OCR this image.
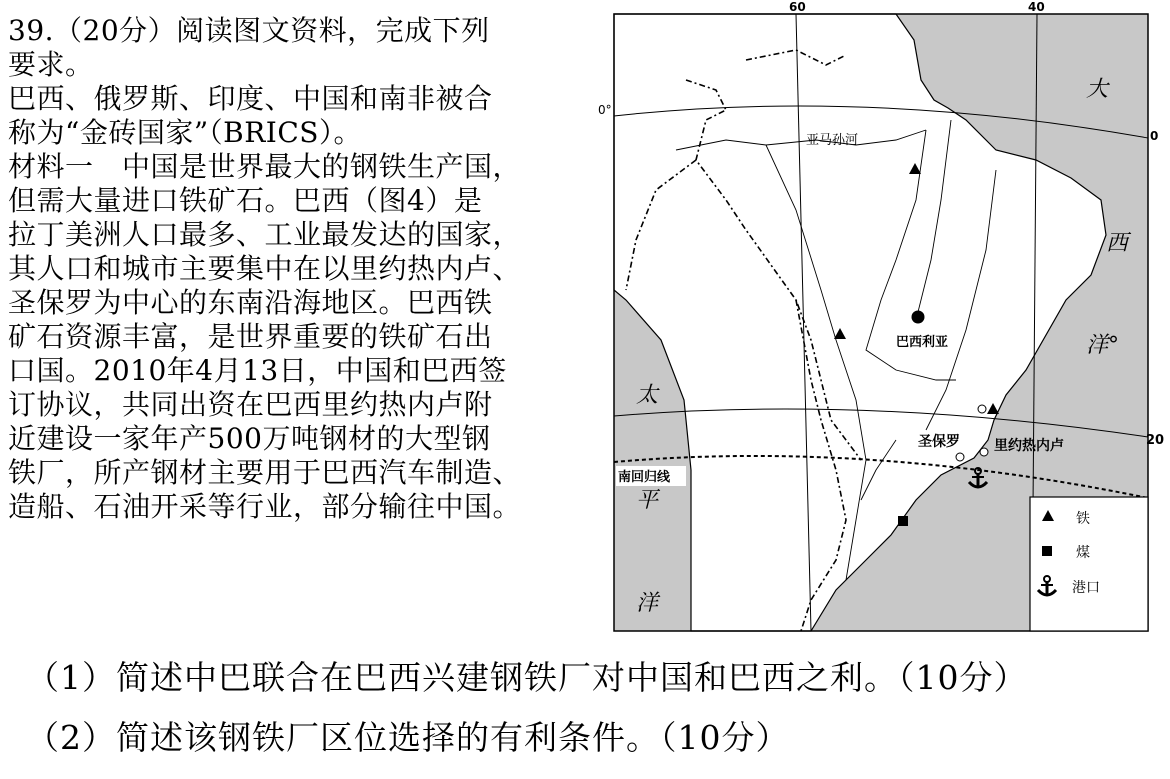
39.（20分）阅读图文资料，完成下列
要求。
巴西、俄罗斯、印度、中国和南非被合
称为“金砖国家”（BRICS）。
材料一　中国是世界最大的钢铁生产国，
但需大量进口铁矿石。巴西（图4）是
拉丁美洲人口最多、工业最发达的国家，
其人口和城市主要集中在以里约热内卢、
圣保罗为中心的东南沿海地区。巴西铁
矿石资源丰富，是世界重要的铁矿石出
口国。2010年4月13日，中国和巴西签
订协议，共同出资在巴西里约热内卢附
近建设一家年产500万吨钢材的大型钢
铁厂，所产钢材主要用于巴西汽车制造、
造船、石油开采等行业，部分输往中国。
60	40
0°
0
20
大
西
洋°
太
平
洋
南回归线
亚马孙河
巴西利亚
圣保罗 里约热内卢
铁
煤
港口
（1）简述中巴联合在巴西兴建钢铁厂对中国和巴西之利。（10分）
（2）简述该钢铁厂区位选择的有利条件。（10分）
